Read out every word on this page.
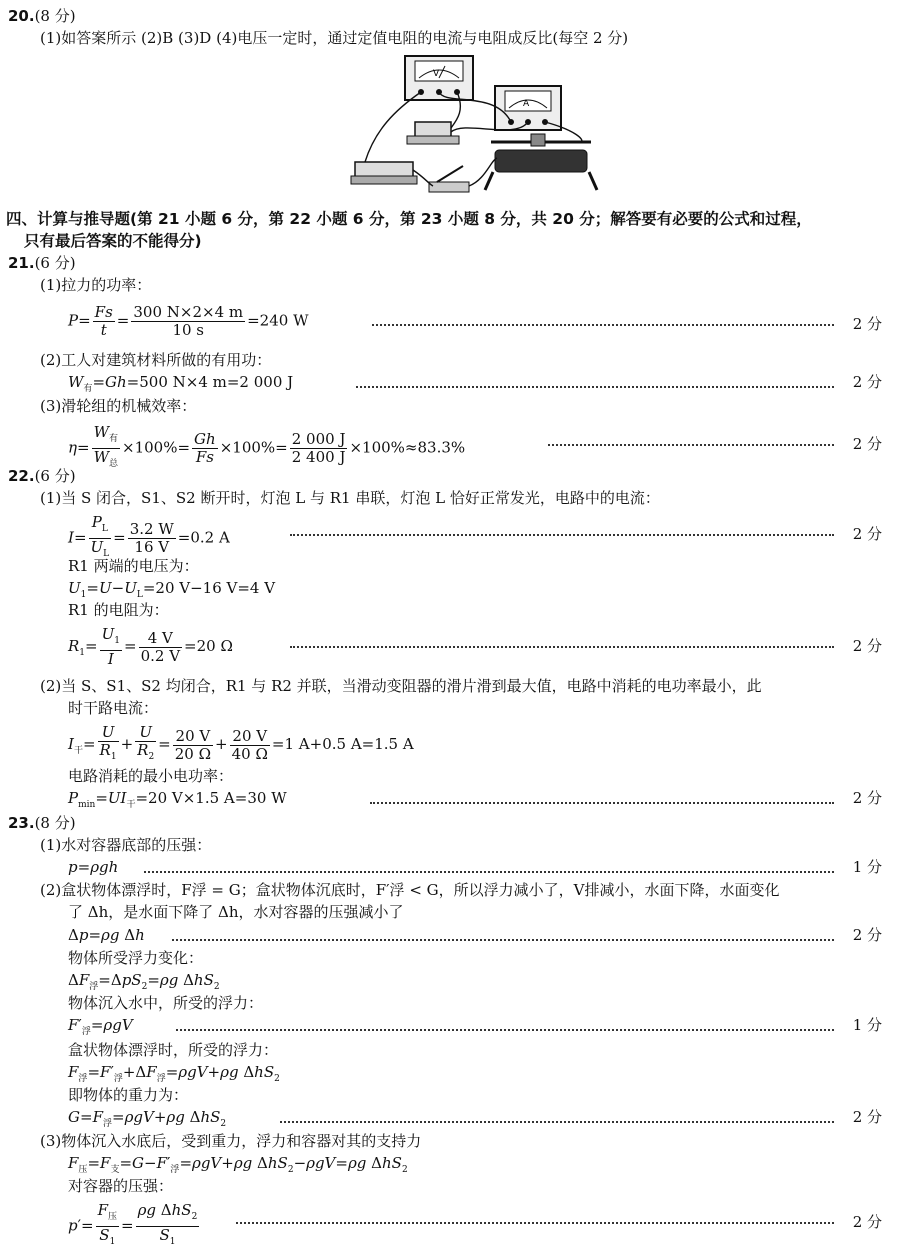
20.(8 分)
(1)如答案所示 (2)B (3)D (4)电压一定时，通过定值电阻的电流与电阻成反比(每空 2 分)
V
A
四、计算与推导题(第 21 小题 6 分，第 22 小题 6 分，第 23 小题 8 分，共 20 分；解答要有必要的公式和过程，
只有最后答案的不能得分)
21.(6 分)
(1)拉力的功率：
$P= \frac{Fs}{t} = \frac{300 N\times 2\times 4 m}{10 s} =240$ W	2 分
(2)工人对建筑材料所做的有用功：
$W_有=Gh=500$ N×4 m=2 000 J	2 分
(3)滑轮组的机械效率：
$\eta= \frac{W_有}{W_总} \times 100\%= \frac{Gh}{Fs} \times 100\%= \frac{2 000 J}{2 400 J} \times 100\%\approx 83.3\%$	2 分
22.(6 分)
(1)当 S 闭合，S1、S2 断开时，灯泡 L 与 R1 串联，灯泡 L 恰好正常发光，电路中的电流：
$I= \frac{P_L}{U_L} = \frac{3.2 W}{16 V} =0.2$ A	2 分
R1 两端的电压为：
$U_1=U-U_L=20$ V−16 V=4 V
R1 的电阻为：
$R_1= \frac{U_1}{I} = \frac{4 V}{0.2 V} =20$ Ω	2 分
(2)当 S、S1、S2 均闭合，R1 与 R2 并联，当滑动变阻器的滑片滑到最大值，电路中消耗的电功率最小，此
时干路电流：
$I_干= \frac{U}{R_1} + \frac{U}{R_2} = \frac{20 V}{20 \Omega} + \frac{20 V}{40 \Omega} =1$ A+0.5 A=1.5 A
电路消耗的最小电功率：
$P_{min}=UI_干=20$ V×1.5 A=30 W	2 分
23.(8 分)
(1)水对容器底部的压强：
p=ρgh	1 分
(2)盒状物体漂浮时，F浮 = G；盒状物体沉底时，F′浮 < G，所以浮力减小了，V排减小，水面下降，水面变化
了 Δh，是水面下降了 Δh，水对容器的压强减小了
Δp=ρg Δh	2 分
物体所受浮力变化：
$\Delta F_浮=\Delta pS_2=\rho g$ ΔhS$_2$
物体沉入水中，所受的浮力：
$F'_浮=\rho gV$	1 分
盒状物体漂浮时，所受的浮力：
$F_浮=F'_浮+\Delta F_浮=\rho gV+\rho g$ ΔhS$_2$
即物体的重力为：
$G=F_浮=\rho gV+\rho g$ ΔhS$_2$	2 分
(3)物体沉入水底后，受到重力，浮力和容器对其的支持力
$F_压=F_支=G-F'_浮=\rho gV+\rho g$ ΔhS$_2$−ρgV=ρg ΔhS$_2$
对容器的压强：
$p'= \frac{F_压}{S_1} = \frac{\rho g \Delta hS_2}{S_1}$	2 分
